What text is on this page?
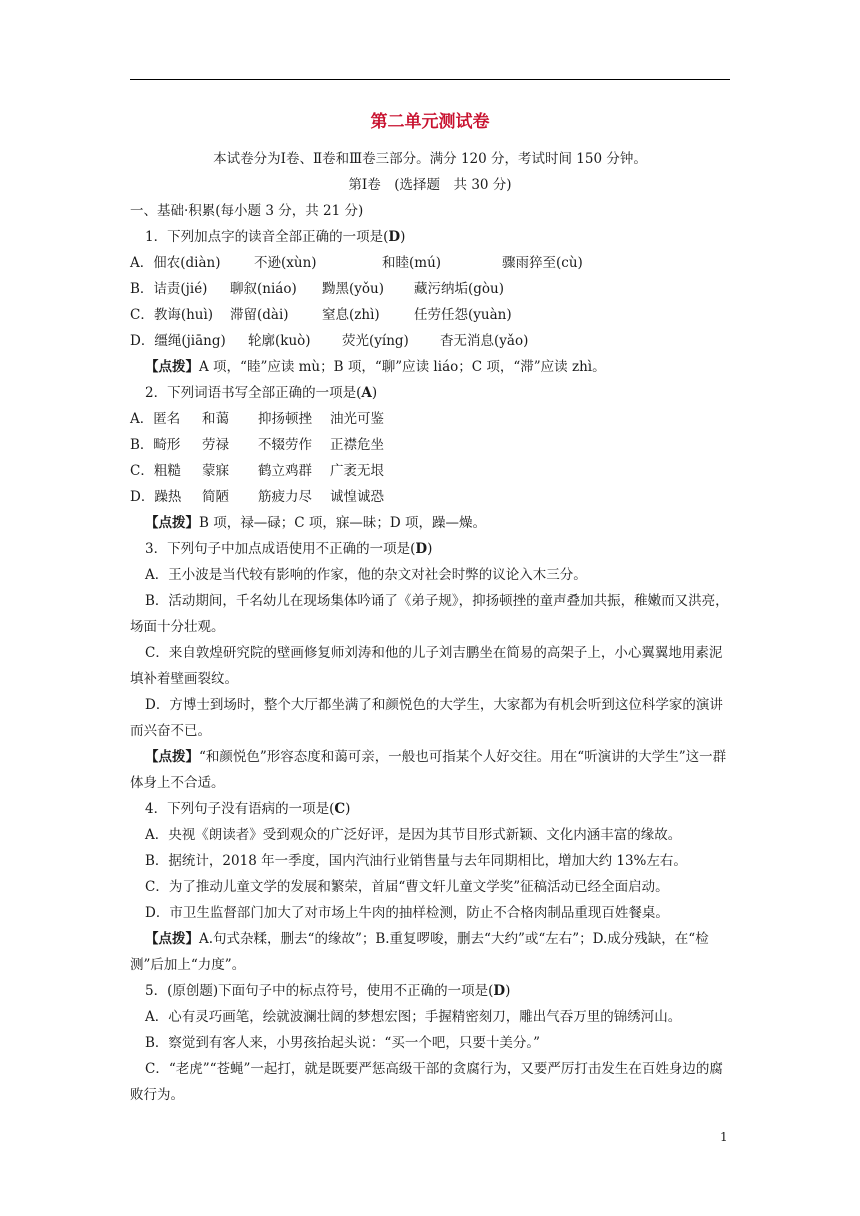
第二单元测试卷
本试卷分为Ⅰ卷、Ⅱ卷和Ⅲ卷三部分。满分 120 分，考试时间 150 分钟。
第Ⅰ卷　(选择题　共 30 分)
一、基础·积累(每小题 3 分，共 21 分)
1．下列加点字的读音全部正确的一项是(D)
A．佃农(diàn) 不逊(xùn)	和睦(mú)	骤雨猝至(cù)
B．诘责(jié) 聊叙(niáo) 黝黑(yǒu) 藏污纳垢(gòu)
C．教诲(huì) 滞留(dài) 窒息(zhì)	任劳任怨(yuàn)
D．缰绳(jiāng) 轮廓(kuò) 荧光(yíng) 杳无消息(yǎo)
【点拨】A 项，“睦”应读 mù；B 项，“聊”应读 liáo；C 项，“滞”应读 zhì。
2．下列词语书写全部正确的一项是(A)
A．匿名 和蔼 抑扬顿挫 油光可鉴
B．畸形 劳禄 不辍劳作 正襟危坐
C．粗糙 蒙寐 鹤立鸡群 广袤无垠
D．躁热 简陋 筋疲力尽 诚惶诚恐
【点拨】B 项，禄—碌；C 项，寐—昧；D 项，躁—燥。
3．下列句子中加点成语使用不正确的一项是(D)
A．王小波是当代较有影响的作家，他的杂文对社会时弊的议论入木三分。
B．活动期间，千名幼儿在现场集体吟诵了《弟子规》，抑扬顿挫的童声叠加共振，稚嫩而又洪亮，场面十分壮观。
C．来自敦煌研究院的壁画修复师刘涛和他的儿子刘吉鹏坐在简易的高架子上，小心翼翼地用素泥填补着壁画裂纹。
D．方博士到场时，整个大厅都坐满了和颜悦色的大学生，大家都为有机会听到这位科学家的演讲而兴奋不已。
【点拨】“和颜悦色”形容态度和蔼可亲，一般也可指某个人好交往。用在“听演讲的大学生”这一群体身上不合适。
4．下列句子没有语病的一项是(C)
A．央视《朗读者》受到观众的广泛好评，是因为其节目形式新颖、文化内涵丰富的缘故。
B．据统计，2018 年一季度，国内汽油行业销售量与去年同期相比，增加大约 13%左右。
C．为了推动儿童文学的发展和繁荣，首届“曹文轩儿童文学奖”征稿活动已经全面启动。
D．市卫生监督部门加大了对市场上牛肉的抽样检测，防止不合格肉制品重现百姓餐桌。
【点拨】A.句式杂糅，删去“的缘故”；B.重复啰唆，删去“大约”或“左右”；D.成分残缺，在“检测”后加上“力度”。
5．(原创题)下面句子中的标点符号，使用不正确的一项是(D)
A．心有灵巧画笔，绘就波澜壮阔的梦想宏图；手握精密刻刀，雕出气吞万里的锦绣河山。
B．察觉到有客人来，小男孩抬起头说：“买一个吧，只要十美分。”
C．“老虎”“苍蝇”一起打，就是既要严惩高级干部的贪腐行为，又要严厉打击发生在百姓身边的腐败行为。
1
